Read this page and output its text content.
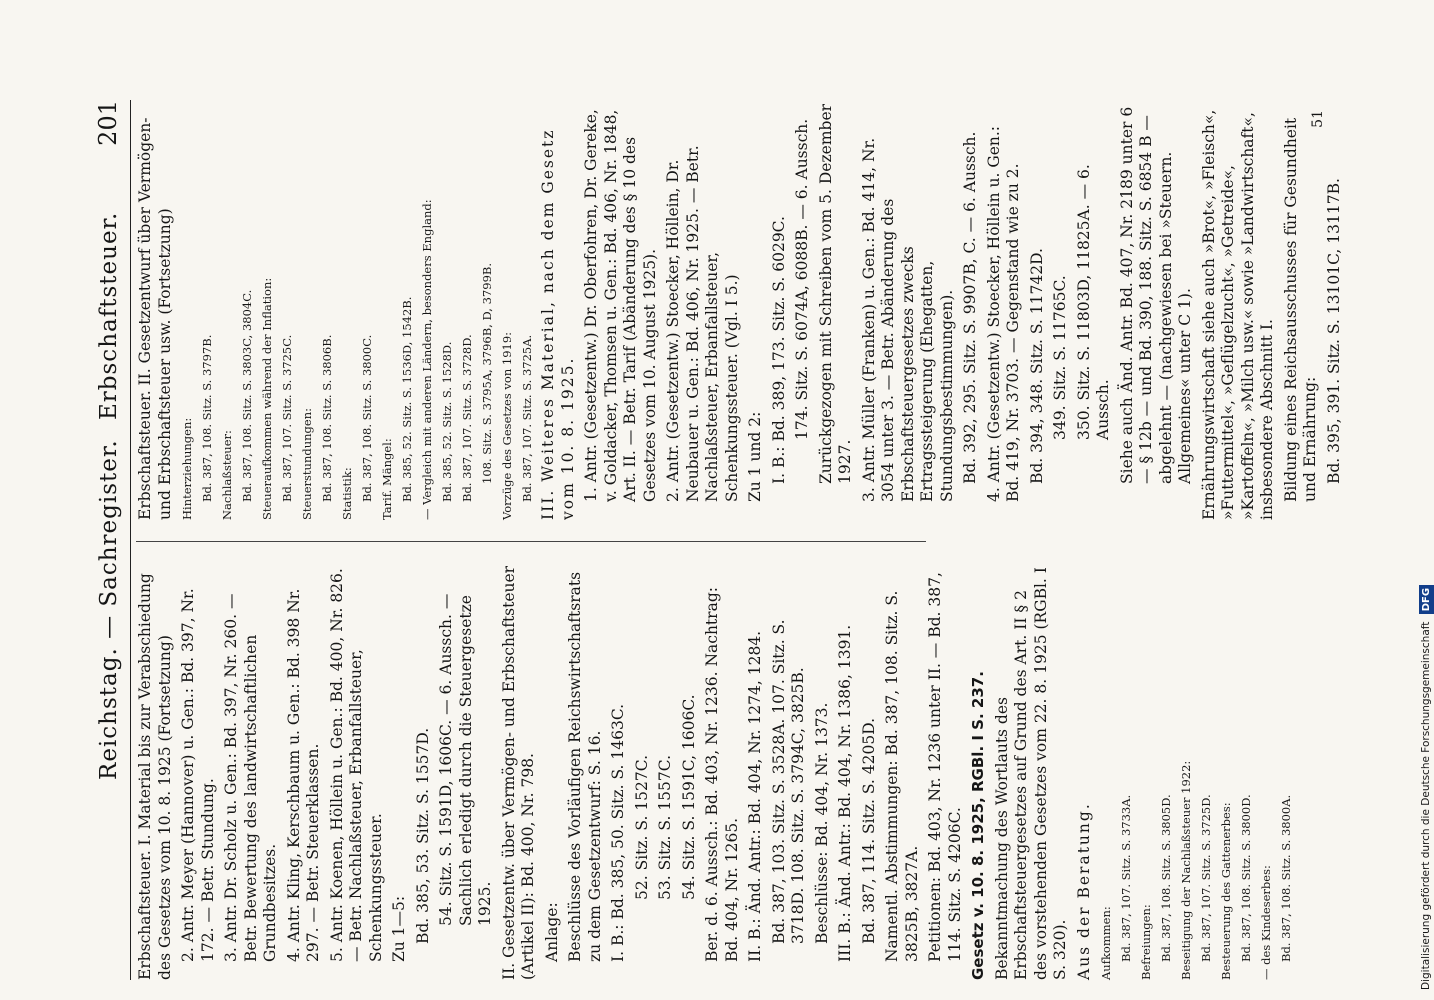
Reichstag. — Sachregister.
Erbschaftsteuer.
201
Erbschaftsteuer. I. Material bis zur Verabschiedung des Gesetzes vom 10. 8. 1925 (Fortsetzung) 2. Antr. Meyer (Hannover) u. Gen.: Bd. 397, Nr. 172. — Betr. Stundung. 3. Antr. Dr. Scholz u. Gen.: Bd. 397, Nr. 260. — Betr. Bewertung des landwirtschaftlichen Grundbesitzes. 4. Antr. Kling, Kerschbaum u. Gen.: Bd. 398 Nr. 297. — Betr. Steuerklassen. 5. Antr. Koenen, Höllein u. Gen.: Bd. 400, Nr. 826. — Betr. Nachlaßsteuer, Erbanfallsteuer, Schenkungssteuer. Zu 1—5: Bd. 385, 53. Sitz. S. 1557D. 54. Sitz. S. 1591D, 1606C. — 6. Aussch. — Sachlich erledigt durch die Steuergesetze 1925. II. Gesetzentw. über Vermögen- und Erbschaftsteuer (Artikel II): Bd. 400, Nr. 798. Anlage: Beschlüsse des Vorläufigen Reichswirtschaftsrats zu dem Gesetzentwurf: S. 16. I. B.: Bd. 385, 50. Sitz. S. 1463C. 52. Sitz. S. 1527C. 53. Sitz. S. 1557C. 54. Sitz. S. 1591C, 1606C. Ber. d. 6. Aussch.: Bd. 403, Nr. 1236. Nachtrag: Bd. 404, Nr. 1265. II. B.: Änd. Antr.: Bd. 404, Nr. 1274, 1284. Bd. 387, 103. Sitz. S. 3528A. 107. Sitz. S. 3718D. 108. Sitz. S. 3794C, 3825B. Beschlüsse: Bd. 404, Nr. 1373. III. B.: Änd. Antr.: Bd. 404, Nr. 1386, 1391. Bd. 387, 114. Sitz. S. 4205D. Namentl. Abstimmungen: Bd. 387, 108. Sitz. S. 3825B, 3827A. Petitionen: Bd. 403, Nr. 1236 unter II. — Bd. 387, 114. Sitz. S. 4206C. Gesetz v. 10. 8. 1925, RGBl. I S. 237. Bekanntmachung des Wortlauts des Erbschaftsteuergesetzes auf Grund des Art. II § 2 des vorstehenden Gesetzes vom 22. 8. 1925 (RGBl. I S. 320). Aus der Beratung. Aufkommen: Bd. 387, 107. Sitz. S. 3733A. Befreiungen: Bd. 387, 108. Sitz. S. 3805D. Beseitigung der Nachlaßsteuer 1922: Bd. 387, 107. Sitz. S. 3725D. Besteuerung des Gattenerbes: Bd. 387, 108. Sitz. S. 3800D. — des Kindeserbes: Bd. 387, 108. Sitz. S. 3800A.
Erbschaftsteuer. II. Gesetzentwurf über Vermögen- und Erbschaftsteuer usw. (Fortsetzung) Hinterziehungen: Bd. 387, 108. Sitz. S. 3797B. Nachlaßsteuer: Bd. 387, 108. Sitz. S. 3803C, 3804C. Steueraufkommen während der Inflation: Bd. 387, 107. Sitz. S. 3725C. Steuerstundungen: Bd. 387, 108. Sitz. S. 3806B. Statistik: Bd. 387, 108. Sitz. S. 3800C. Tarif. Mängel: Bd. 385, 52. Sitz. S. 1536D, 1542B. — Vergleich mit anderen Ländern, besonders England: Bd. 385, 52. Sitz. S. 1528D. Bd. 387, 107. Sitz. S. 3728D. 108. Sitz. S. 3795A, 3796B, D, 3799B. Vorzüge des Gesetzes von 1919: Bd. 387, 107. Sitz. S. 3725A. III. Weiteres Material, nach dem Gesetz vom 10. 8. 1925. 1. Antr. (Gesetzentw.) Dr. Oberfohren, Dr. Gereke, v. Goldacker, Thomsen u. Gen.: Bd. 406, Nr. 1848, Art. II. — Betr. Tarif (Abänderung des § 10 des Gesetzes vom 10. August 1925). 2. Antr. (Gesetzentw.) Stoecker, Höllein, Dr. Neubauer u. Gen.: Bd. 406, Nr. 1925. — Betr. Nachlaßsteuer, Erbanfallsteuer, Schenkungssteuer. (Vgl. I 5.) Zu 1 und 2: I. B.: Bd. 389, 173. Sitz. S. 6029C. 174. Sitz. S. 6074A, 6088B. — 6. Aussch. Zurückgezogen mit Schreiben vom 5. Dezember 1927. 3. Antr. Müller (Franken) u. Gen.: Bd. 414, Nr. 3054 unter 3. — Betr. Abänderung des Erbschaftsteuergesetzes zwecks Ertragssteigerung (Ehegatten, Stundungsbestimmungen). Bd. 392, 295. Sitz. S. 9907B, C. — 6. Aussch. 4. Antr. (Gesetzentw.) Stoecker, Höllein u. Gen.: Bd. 419, Nr. 3703. — Gegenstand wie zu 2. Bd. 394, 348. Sitz. S. 11742D. 349. Sitz. S. 11765C. 350. Sitz. S. 11803D, 11825A. — 6. Aussch. Siehe auch Änd. Antr. Bd. 407, Nr. 2189 unter 6 — § 12b — und Bd. 390, 188. Sitz. S. 6854 B — abgelehnt — (nachgewiesen bei »Steuern. Allgemeines« unter C 1). Ernährungswirtschaft siehe auch »Brot«, »Fleisch«, »Futtermittel«, »Geflügelzucht«, »Getreide«, »Kartoffeln«, »Milch usw.« sowie »Landwirtschaft«, insbesondere Abschnitt I. Bildung eines Reichsausschusses für Gesundheit und Ernährung: Bd. 395, 391. Sitz. S. 13101C, 13117B.
51
Digitalisierung gefördert durch die Deutsche Forschungsgemeinschaft DFG
